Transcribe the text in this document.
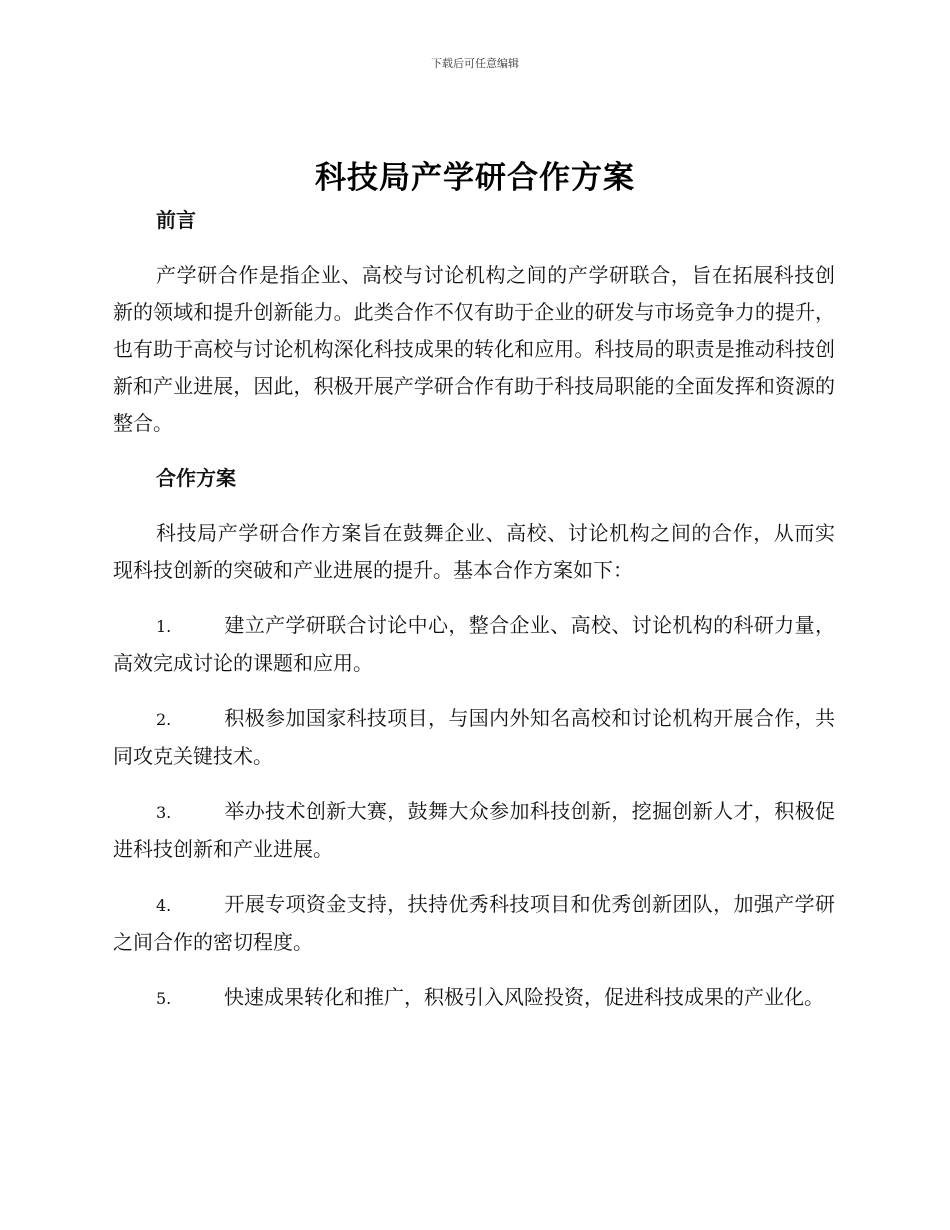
下载后可任意编辑
科技局产学研合作方案
前言

产学研合作是指企业、高校与讨论机构之间的产学研联合，旨在拓展科技创新的领域和提升创新能力。此类合作不仅有助于企业的研发与市场竞争力的提升，也有助于高校与讨论机构深化科技成果的转化和应用。科技局的职责是推动科技创新和产业进展，因此，积极开展产学研合作有助于科技局职能的全面发挥和资源的整合。

合作方案

科技局产学研合作方案旨在鼓舞企业、高校、讨论机构之间的合作，从而实现科技创新的突破和产业进展的提升。基本合作方案如下：

1.	建立产学研联合讨论中心，整合企业、高校、讨论机构的科研力量，高效完成讨论的课题和应用。

2.	积极参加国家科技项目，与国内外知名高校和讨论机构开展合作，共同攻克关键技术。

3.	举办技术创新大赛，鼓舞大众参加科技创新，挖掘创新人才，积极促进科技创新和产业进展。

4.	开展专项资金支持，扶持优秀科技项目和优秀创新团队，加强产学研之间合作的密切程度。

5.	快速成果转化和推广，积极引入风险投资，促进科技成果的产业化。
